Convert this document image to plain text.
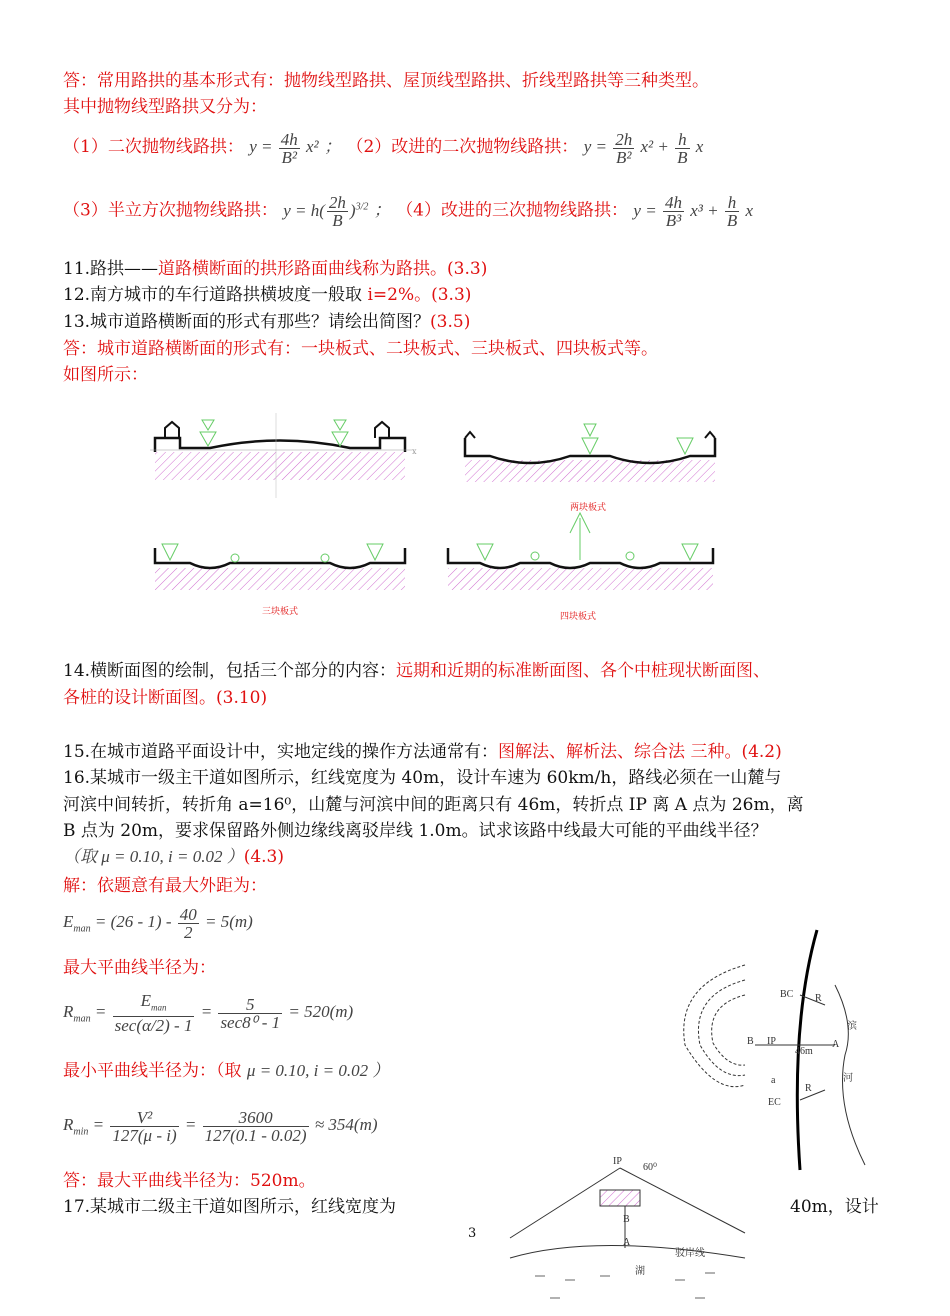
答：常用路拱的基本形式有：抛物线型路拱、屋顶线型路拱、折线型路拱等三种类型。
其中抛物线型路拱又分为：
（1）二次抛物线路拱： $y = \frac{4h}{\text{B²}} x^2$ ； （2）改进的二次抛物线路拱： $y = \frac{2h}{\text{B²}} x^2 + \frac{h}{B}$ x
（3）半立方次抛物线路拱： $y = h( \frac{2h}{B} )^{3/2}$ ； （4）改进的三次抛物线路拱： $y = \frac{4h}{\text{B³}} x^3 + \frac{h}{B}$ x
11.路拱——道路横断面的拱形路面曲线称为路拱。(3.3)
12.南方城市的车行道路拱横坡度一般取 i=2%。(3.3)
13.城市道路横断面的形式有那些？请绘出简图？(3.5)
答：城市道路横断面的形式有：一块板式、二块板式、三块板式、四块板式等。
如图所示：
x
两块板式
三块板式	四块板式
14.横断面图的绘制，包括三个部分的内容：远期和近期的标准断面图、各个中桩现状断面图、
各桩的设计断面图。(3.10)
15.在城市道路平面设计中，实地定线的操作方法通常有：图解法、解析法、综合法 三种。(4.2)
16.某城市一级主干道如图所示，红线宽度为 40m，设计车速为 60km/h，路线必须在一山麓与
河滨中间转折，转折角 a=16⁰，山麓与河滨中间的距离只有 46m，转折点 IP 离 A 点为 26m，离
B 点为 20m，要求保留路外侧边缘线离驳岸线 1.0m。试求该路中线最大可能的平曲线半径？
（取 μ = 0.10, i = 0.02 ）(4.3)
解：依题意有最大外距为：
$E_{man} = (26 - 1) - \frac{40}{2} = 5(m)$
最大平曲线半径为：
$R_{man} = \frac{E_{man}}{\sec(\alpha/2) - 1} = \frac{5}{\text{sec8⁰ - 1}} = 520(m)$
最小平曲线半径为：（取 μ = 0.10, i = 0.02 ）
$R_{min} = \frac{\text{V²}}{127(\mu - i)} = \frac{3600}{127(0.1 - 0.02)} \approx 354(m)$
答：最大平曲线半径为：520m。
17.某城市二级主干道如图所示，红线宽度为	40m，设计
BC R
滨
B IP
46m
A
a	河
R
EC
IP
60⁰
B
A
驳岸线
湖
3
